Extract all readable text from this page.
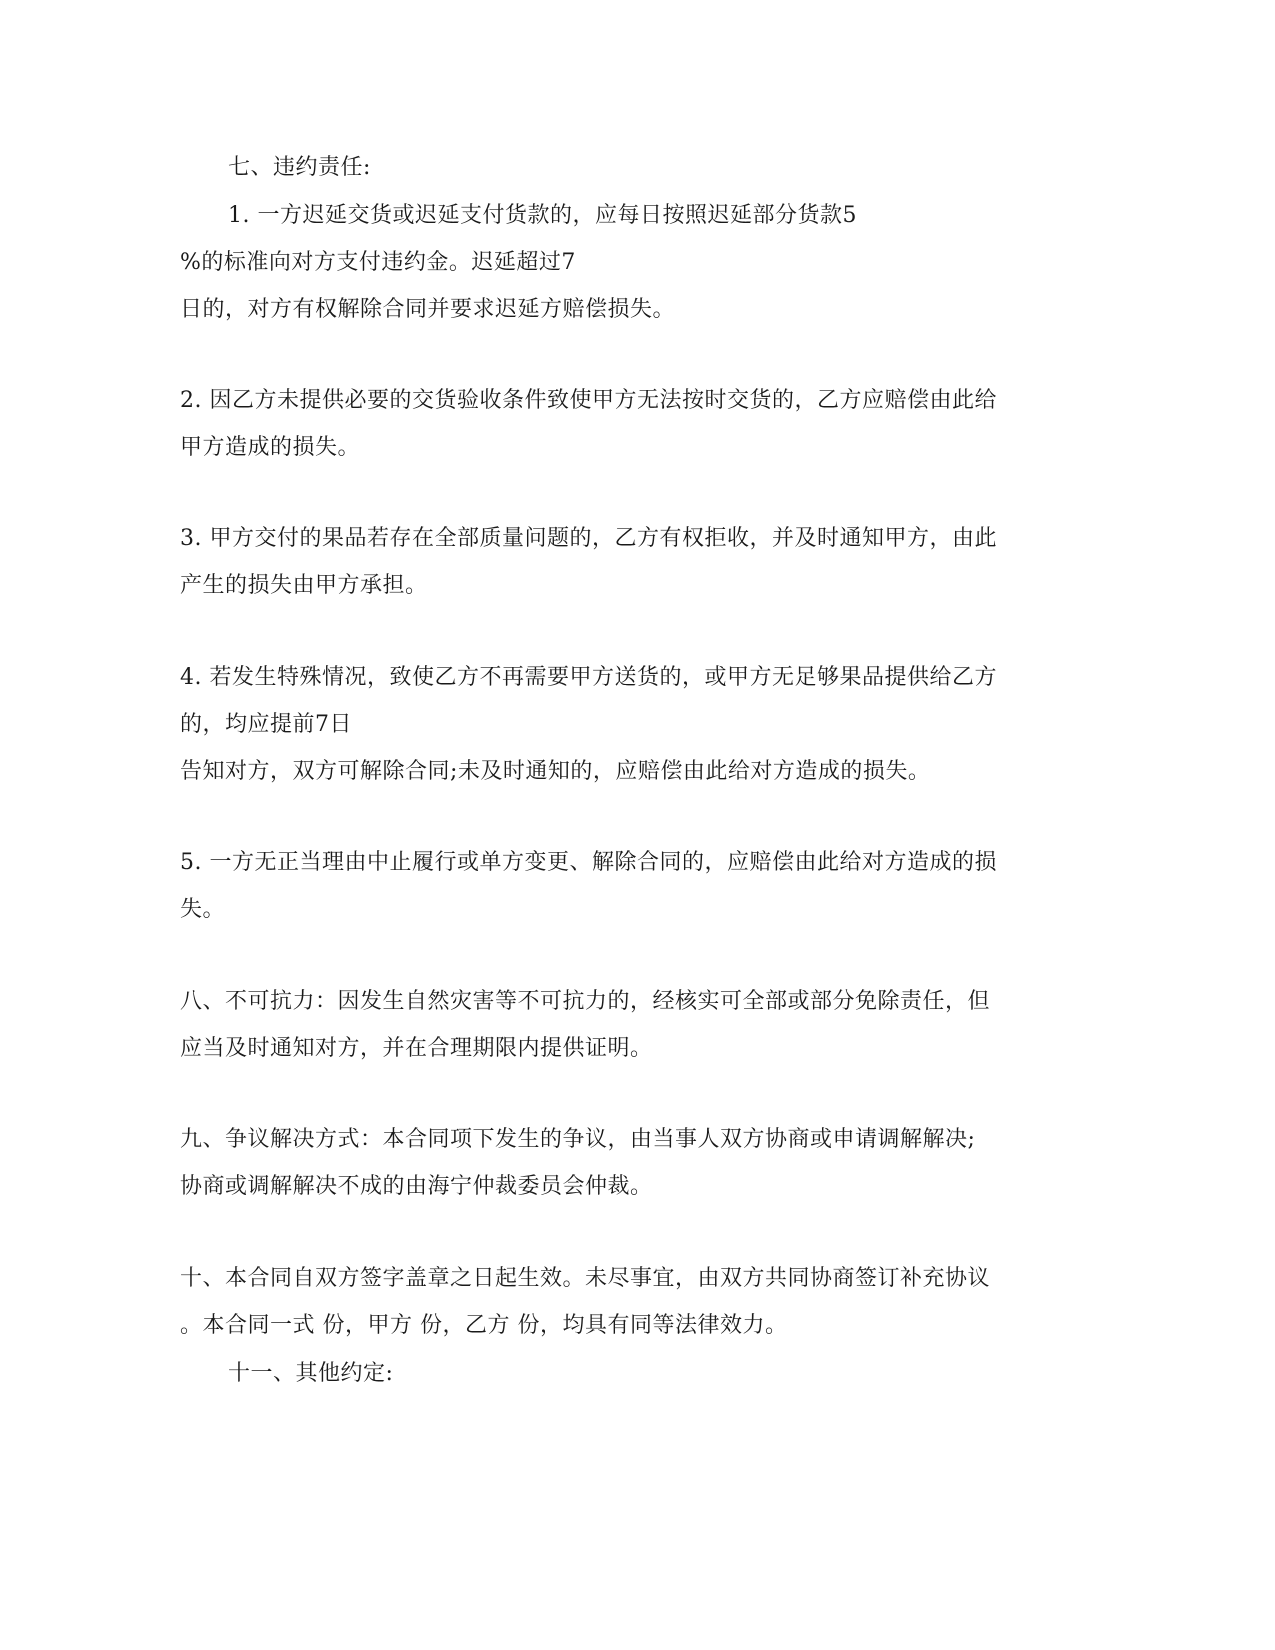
七、违约责任:
1. 一方迟延交货或迟延支付货款的，应每日按照迟延部分货款5
%的标准向对方支付违约金。迟延超过7
日的，对方有权解除合同并要求迟延方赔偿损失。
2. 因乙方未提供必要的交货验收条件致使甲方无法按时交货的，乙方应赔偿由此给
甲方造成的损失。
3. 甲方交付的果品若存在全部质量问题的，乙方有权拒收，并及时通知甲方，由此
产生的损失由甲方承担。
4. 若发生特殊情况，致使乙方不再需要甲方送货的，或甲方无足够果品提供给乙方
的，均应提前7日
告知对方，双方可解除合同;未及时通知的，应赔偿由此给对方造成的损失。
5. 一方无正当理由中止履行或单方变更、解除合同的，应赔偿由此给对方造成的损
失。
八、不可抗力：因发生自然灾害等不可抗力的，经核实可全部或部分免除责任，但
应当及时通知对方，并在合理期限内提供证明。
九、争议解决方式：本合同项下发生的争议，由当事人双方协商或申请调解解决;
协商或调解解决不成的由海宁仲裁委员会仲裁。
十、本合同自双方签字盖章之日起生效。未尽事宜，由双方共同协商签订补充协议
。本合同一式 份，甲方 份，乙方 份，均具有同等法律效力。
十一、其他约定:
